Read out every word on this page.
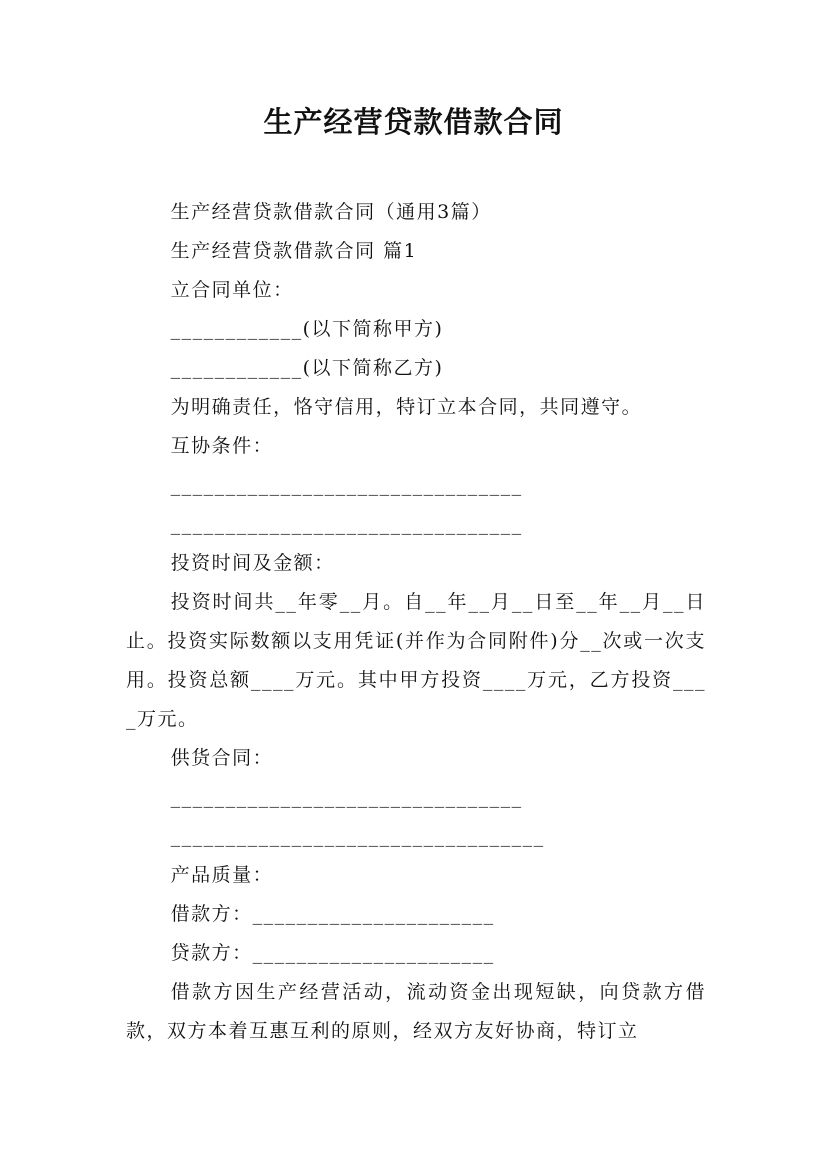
生产经营贷款借款合同

生产经营贷款借款合同（通用3篇）

生产经营贷款借款合同 篇1

立合同单位：

____________(以下简称甲方)

____________(以下简称乙方)

为明确责任，恪守信用，特订立本合同，共同遵守。

互协条件：

________________________________

________________________________

投资时间及金额：

投资时间共__年零__月。自__年__月__日至__年__月__日止。投资实际数额以支用凭证(并作为合同附件)分__次或一次支用。投资总额____万元。其中甲方投资____万元，乙方投资____万元。

供货合同：

________________________________

__________________________________

产品质量：

借款方：______________________

贷款方：______________________

借款方因生产经营活动，流动资金出现短缺，向贷款方借款，双方本着互惠互利的原则，经双方友好协商，特订立
